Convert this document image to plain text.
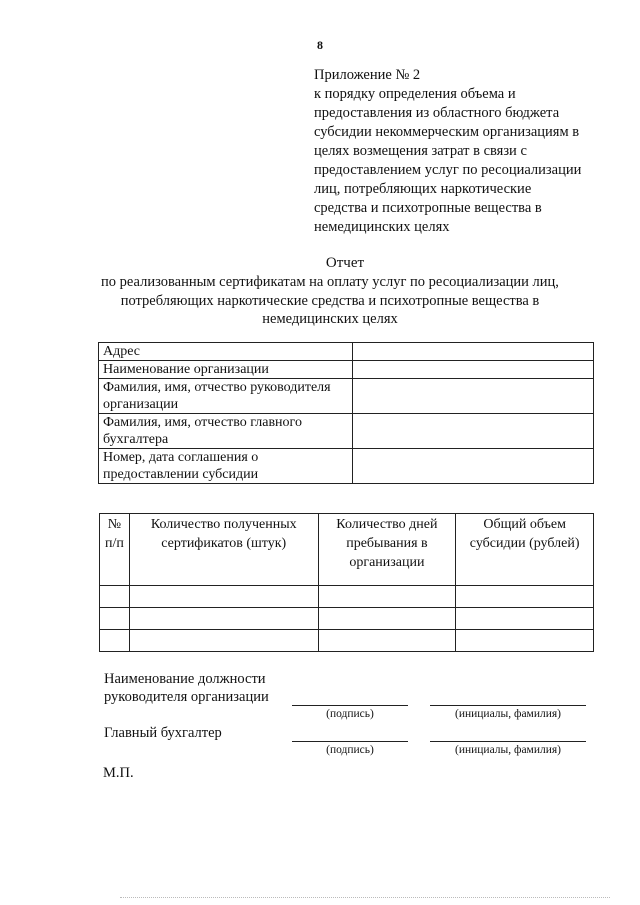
8
Приложение № 2
к порядку определения объема и
предоставления из областного бюджета
субсидии некоммерческим организациям в
целях возмещения затрат в связи с
предоставлением услуг по ресоциализации
лиц, потребляющих наркотические
средства и психотропные вещества в
немедицинских целях
Отчет
по реализованным сертификатам на оплату услуг по ресоциализации лиц,
потребляющих наркотические средства и психотропные вещества в
немедицинских целях
Адрес	
Наименование организации	
Фамилия, имя, отчество руководителя организации	
Фамилия, имя, отчество главного бухгалтера	
Номер, дата соглашения о предоставлении субсидии	
№ п/п	Количество полученных сертификатов (штук)	Количество дней пребывания в организации	Общий объем субсидии (рублей)

Наименование должности
руководителя организации
(подпись)	(инициалы, фамилия)
Главный бухгалтер
(подпись)	(инициалы, фамилия)
М.П.
